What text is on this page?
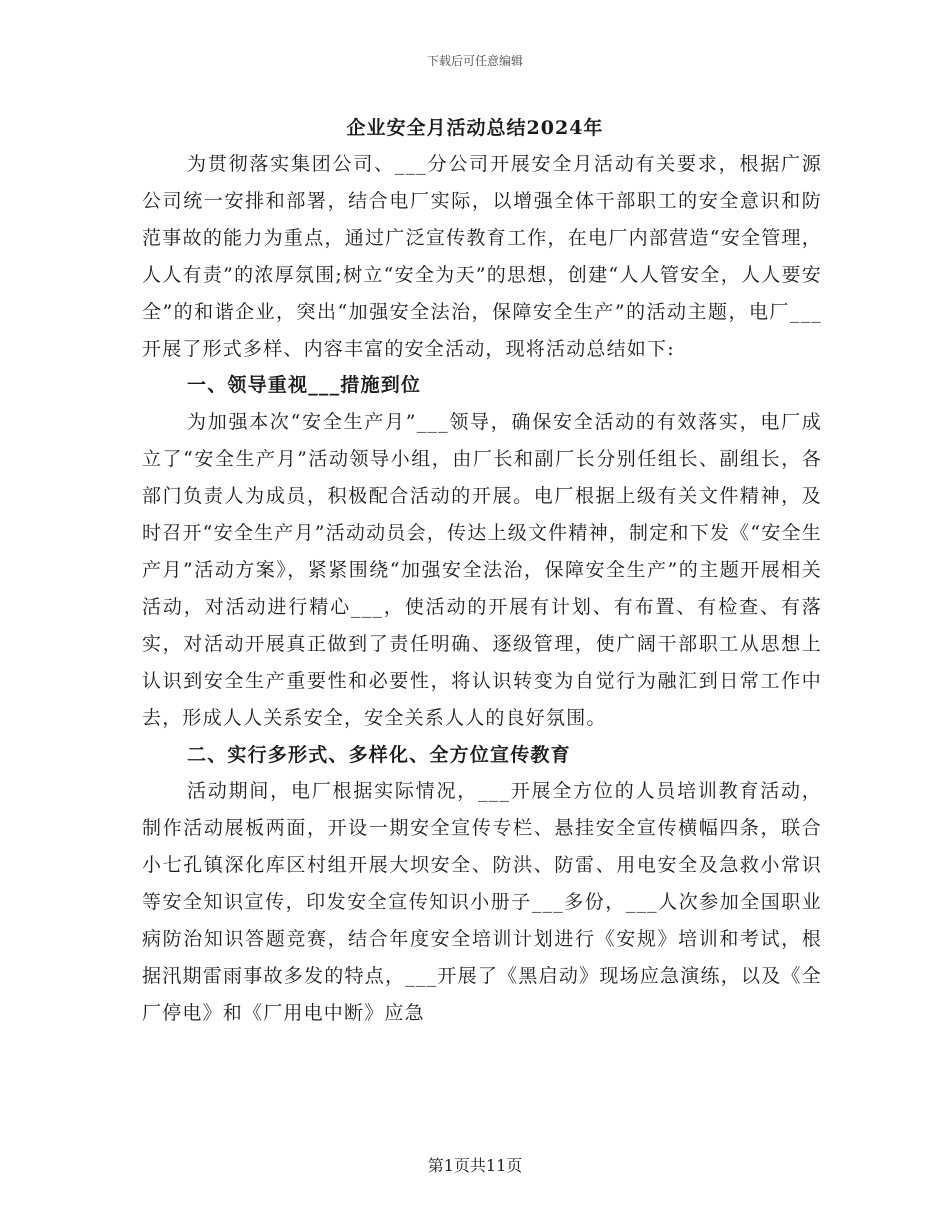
下载后可任意编辑
企业安全月活动总结2024年

为贯彻落实集团公司、___分公司开展安全月活动有关要求，根据广源公司统一安排和部署，结合电厂实际，以增强全体干部职工的安全意识和防范事故的能力为重点，通过广泛宣传教育工作，在电厂内部营造“安全管理，人人有责”的浓厚氛围;树立“安全为天”的思想，创建“人人管安全，人人要安全”的和谐企业，突出“加强安全法治，保障安全生产”的活动主题，电厂___开展了形式多样、内容丰富的安全活动，现将活动总结如下:

一、领导重视___措施到位

为加强本次“安全生产月”___领导，确保安全活动的有效落实，电厂成立了“安全生产月”活动领导小组，由厂长和副厂长分别任组长、副组长，各部门负责人为成员，积极配合活动的开展。电厂根据上级有关文件精神，及时召开“安全生产月”活动动员会，传达上级文件精神，制定和下发《“安全生产月”活动方案》，紧紧围绕“加强安全法治，保障安全生产”的主题开展相关活动，对活动进行精心___，使活动的开展有计划、有布置、有检查、有落实，对活动开展真正做到了责任明确、逐级管理，使广阔干部职工从思想上认识到安全生产重要性和必要性，将认识转变为自觉行为融汇到日常工作中去，形成人人关系安全，安全关系人人的良好氛围。

二、实行多形式、多样化、全方位宣传教育

活动期间，电厂根据实际情况，___开展全方位的人员培训教育活动，制作活动展板两面，开设一期安全宣传专栏、悬挂安全宣传横幅四条，联合小七孔镇深化库区村组开展大坝安全、防洪、防雷、用电安全及急救小常识等安全知识宣传，印发安全宣传知识小册子___多份，___人次参加全国职业病防治知识答题竞赛，结合年度安全培训计划进行《安规》培训和考试，根据汛期雷雨事故多发的特点，___开展了《黑启动》现场应急演练，以及《全厂停电》和《厂用电中断》应急

第1页共11页
